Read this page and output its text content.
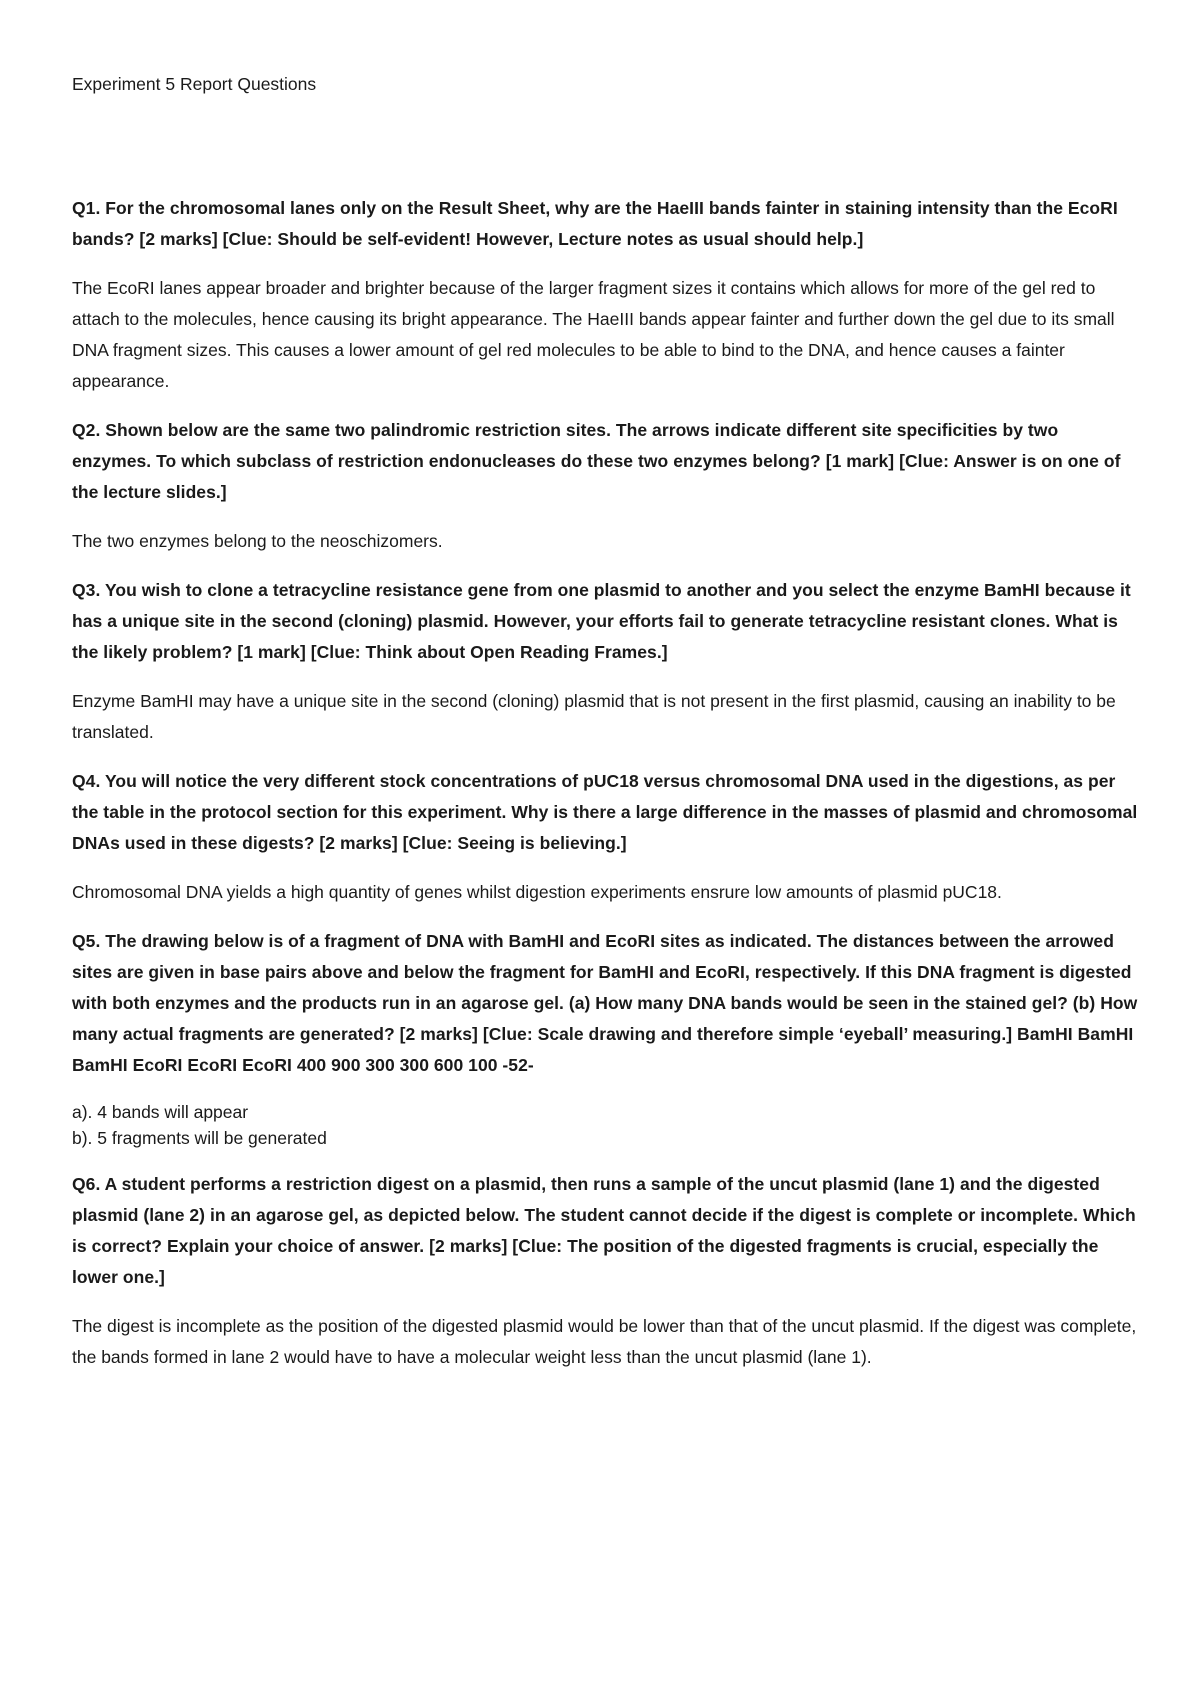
Experiment 5 Report Questions

Q1. For the chromosomal lanes only on the Result Sheet, why are the HaeIII bands fainter in staining intensity than the EcoRI bands? [2 marks] [Clue: Should be self-evident! However, Lecture notes as usual should help.]

The EcoRI lanes appear broader and brighter because of the larger fragment sizes it contains which allows for more of the gel red to attach to the molecules, hence causing its bright appearance. The HaeIII bands appear fainter and further down the gel due to its small DNA fragment sizes. This causes a lower amount of gel red molecules to be able to bind to the DNA, and hence causes a fainter appearance.

Q2. Shown below are the same two palindromic restriction sites. The arrows indicate different site specificities by two enzymes. To which subclass of restriction endonucleases do these two enzymes belong? [1 mark] [Clue: Answer is on one of the lecture slides.]

The two enzymes belong to the neoschizomers.

Q3. You wish to clone a tetracycline resistance gene from one plasmid to another and you select the enzyme BamHI because it has a unique site in the second (cloning) plasmid. However, your efforts fail to generate tetracycline resistant clones. What is the likely problem? [1 mark] [Clue: Think about Open Reading Frames.]

Enzyme BamHI may have a unique site in the second (cloning) plasmid that is not present in the first plasmid, causing an inability to be translated.

Q4. You will notice the very different stock concentrations of pUC18 versus chromosomal DNA used in the digestions, as per the table in the protocol section for this experiment. Why is there a large difference in the masses of plasmid and chromosomal DNAs used in these digests? [2 marks] [Clue: Seeing is believing.]

Chromosomal DNA yields a high quantity of genes whilst digestion experiments ensrure low amounts of plasmid pUC18.

Q5. The drawing below is of a fragment of DNA with BamHI and EcoRI sites as indicated. The distances between the arrowed sites are given in base pairs above and below the fragment for BamHI and EcoRI, respectively. If this DNA fragment is digested with both enzymes and the products run in an agarose gel. (a) How many DNA bands would be seen in the stained gel? (b) How many actual fragments are generated? [2 marks] [Clue: Scale drawing and therefore simple ‘eyeball’ measuring.] BamHI BamHI BamHI EcoRI EcoRI EcoRI 400 900 300 300 600 100 -52-

a). 4 bands will appear
b). 5 fragments will be generated

Q6. A student performs a restriction digest on a plasmid, then runs a sample of the uncut plasmid (lane 1) and the digested plasmid (lane 2) in an agarose gel, as depicted below. The student cannot decide if the digest is complete or incomplete. Which is correct? Explain your choice of answer. [2 marks] [Clue: The position of the digested fragments is crucial, especially the lower one.]

The digest is incomplete as the position of the digested plasmid would be lower than that of the uncut plasmid. If the digest was complete, the bands formed in lane 2 would have to have a molecular weight less than the uncut plasmid (lane 1).
